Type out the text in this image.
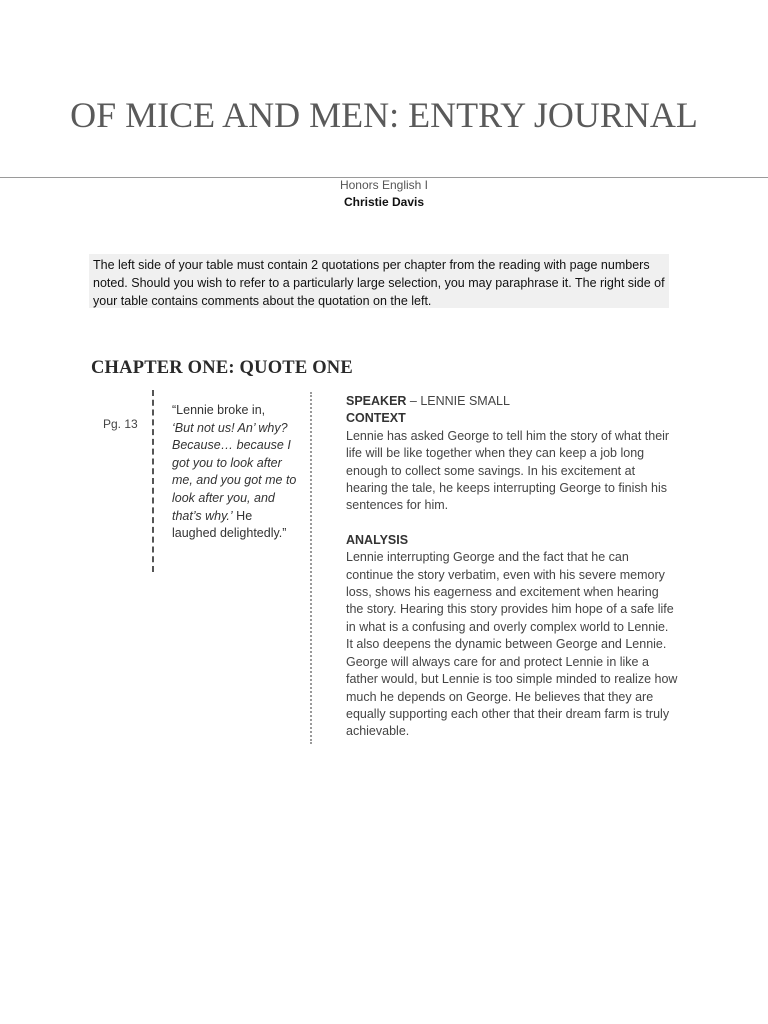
OF MICE AND MEN: ENTRY JOURNAL
Honors English I
Christie Davis
The left side of your table must contain 2 quotations per chapter from the reading with page numbers noted. Should you wish to refer to a particularly large selection, you may paraphrase it. The right side of your table contains comments about the quotation on the left.
CHAPTER ONE: QUOTE ONE
Pg. 13
“Lennie broke in,
‘But not us! An’ why? Because… because I got you to look after me, and you got me to look after you, and that’s why.’ He laughed delightedly.”

SPEAKER – LENNIE SMALL

CONTEXT

Lennie has asked George to tell him the story of what their life will be like together when they can keep a job long enough to collect some savings. In his excitement at hearing the tale, he keeps interrupting George to finish his sentences for him.

ANALYSIS

Lennie interrupting George and the fact that he can continue the story verbatim, even with his severe memory loss, shows his eagerness and excitement when hearing the story. Hearing this story provides him hope of a safe life in what is a confusing and overly complex world to Lennie. It also deepens the dynamic between George and Lennie. George will always care for and protect Lennie in like a father would, but Lennie is too simple minded to realize how much he depends on George. He believes that they are equally supporting each other that their dream farm is truly achievable.
